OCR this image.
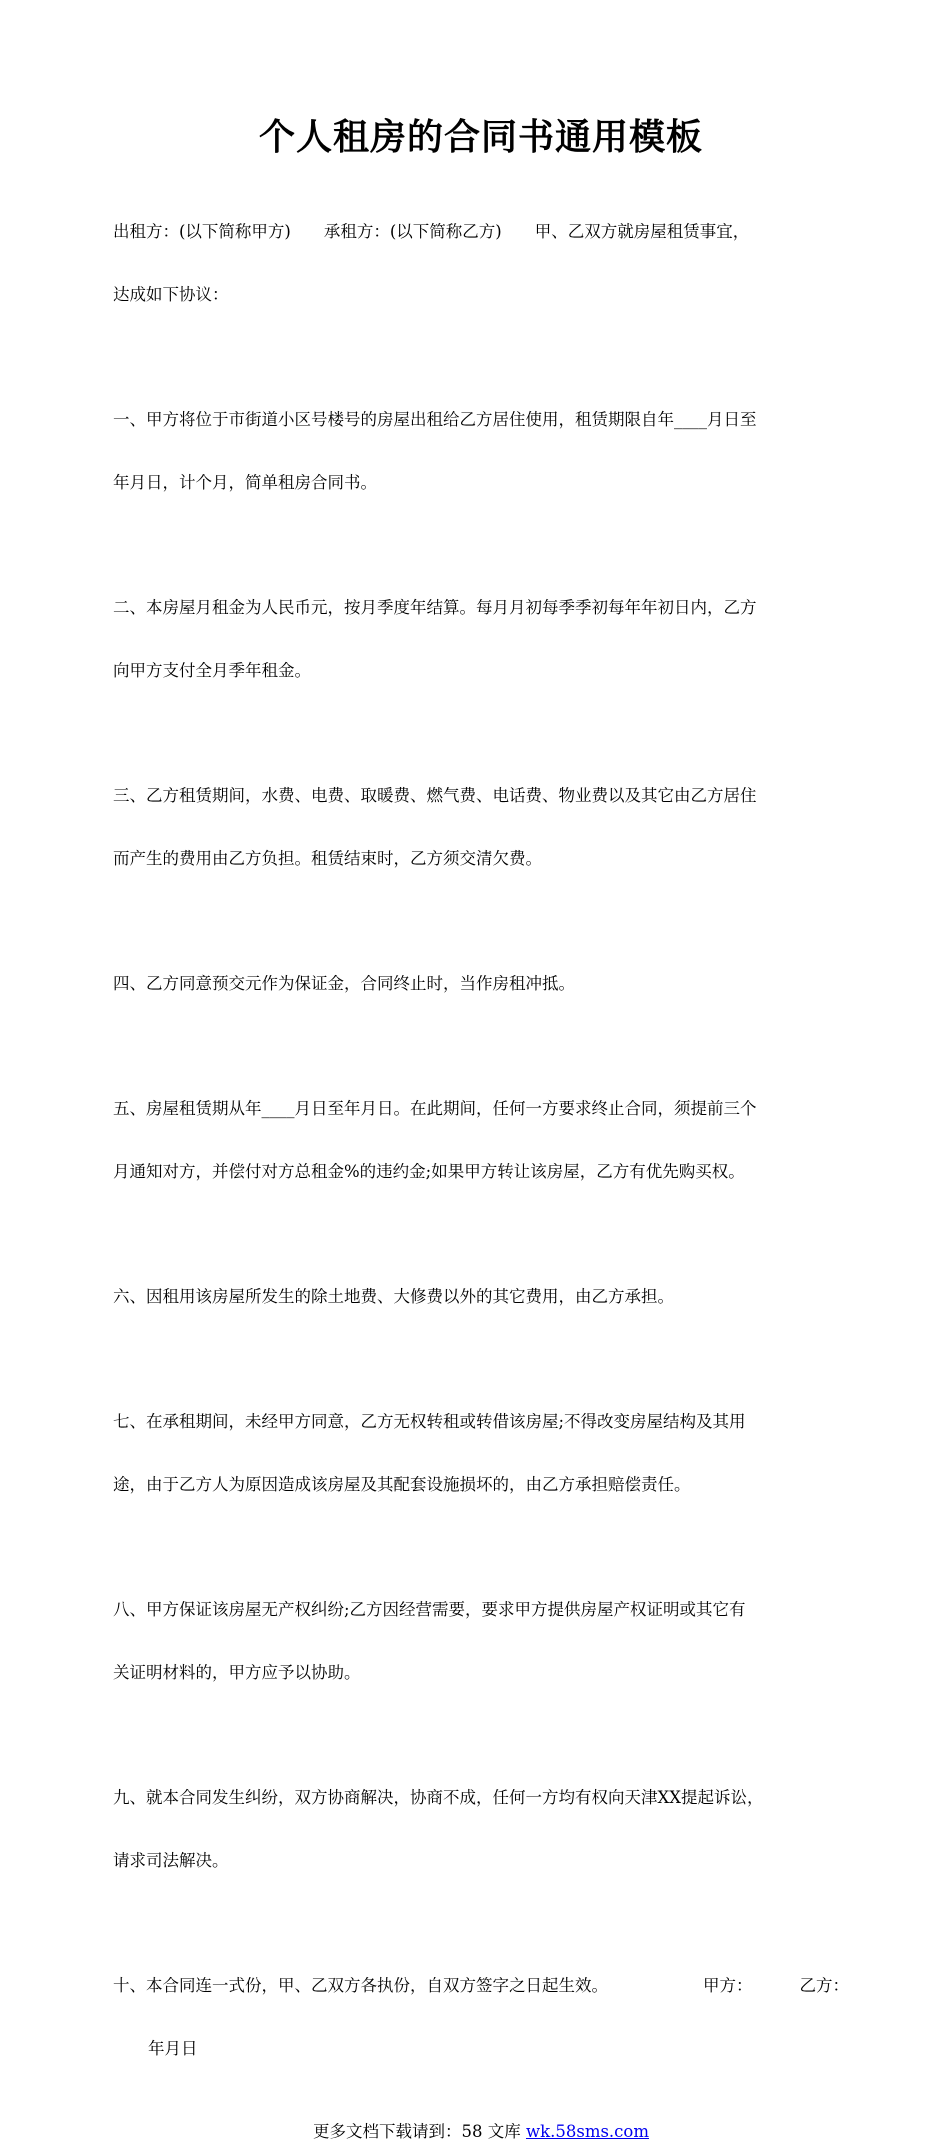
个人租房的合同书通用模板

出租方：(以下简称甲方)　　承租方：(以下简称乙方)　　甲、乙双方就房屋租赁事宜，

达成如下协议：

一、甲方将位于市街道小区号楼号的房屋出租给乙方居住使用，租赁期限自年____月日至

年月日，计个月，简单租房合同书。

二、本房屋月租金为人民币元，按月季度年结算。每月月初每季季初每年年初日内，乙方

向甲方支付全月季年租金。

三、乙方租赁期间，水费、电费、取暖费、燃气费、电话费、物业费以及其它由乙方居住

而产生的费用由乙方负担。租赁结束时，乙方须交清欠费。

四、乙方同意预交元作为保证金，合同终止时，当作房租冲抵。

五、房屋租赁期从年____月日至年月日。在此期间，任何一方要求终止合同，须提前三个

月通知对方，并偿付对方总租金%的违约金;如果甲方转让该房屋，乙方有优先购买权。

六、因租用该房屋所发生的除土地费、大修费以外的其它费用，由乙方承担。

七、在承租期间，未经甲方同意，乙方无权转租或转借该房屋;不得改变房屋结构及其用

途，由于乙方人为原因造成该房屋及其配套设施损坏的，由乙方承担赔偿责任。

八、甲方保证该房屋无产权纠纷;乙方因经营需要，要求甲方提供房屋产权证明或其它有

关证明材料的，甲方应予以协助。

九、就本合同发生纠纷，双方协商解决，协商不成，任何一方均有权向天津XX提起诉讼，

请求司法解决。

十、本合同连一式份，甲、乙双方各执份，自双方签字之日起生效。	甲方：	乙方：

年月日

更多文档下载请到：58 文库 wk.58sms.com
